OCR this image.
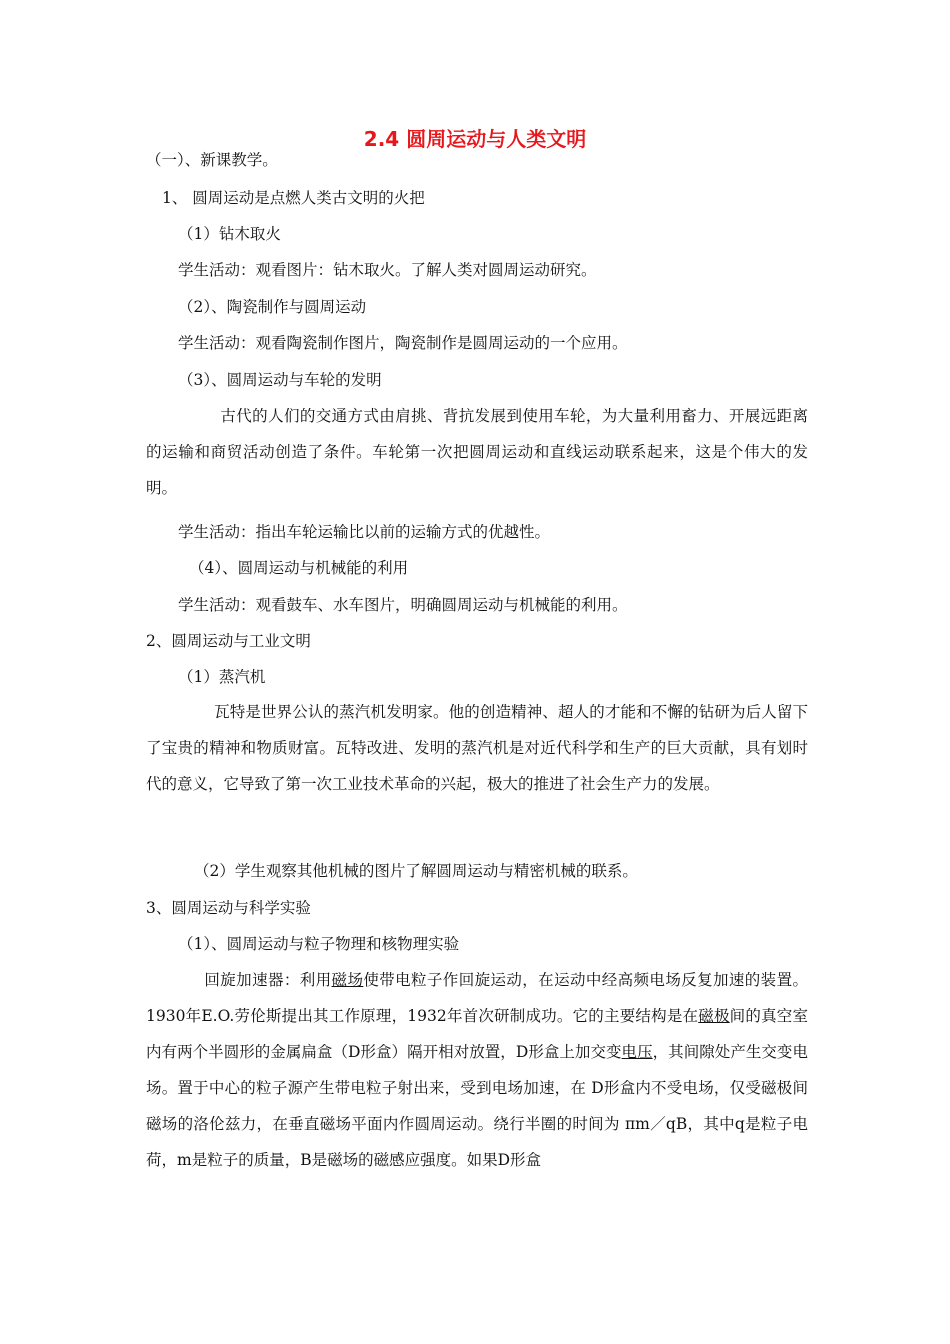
2.4 圆周运动与人类文明
（一）、新课教学。
1、 圆周运动是点燃人类古文明的火把
（1）钻木取火
学生活动：观看图片：钻木取火。了解人类对圆周运动研究。
（2）、陶瓷制作与圆周运动
学生活动：观看陶瓷制作图片，陶瓷制作是圆周运动的一个应用。
（3）、圆周运动与车轮的发明
古代的人们的交通方式由肩挑、背抗发展到使用车轮，为大量利用畜力、开展远距离的运输和商贸活动创造了条件。车轮第一次把圆周运动和直线运动联系起来，这是个伟大的发明。
学生活动：指出车轮运输比以前的运输方式的优越性。
（4）、圆周运动与机械能的利用
学生活动：观看鼓车、水车图片，明确圆周运动与机械能的利用。
2、圆周运动与工业文明
（1）蒸汽机
瓦特是世界公认的蒸汽机发明家。他的创造精神、超人的才能和不懈的钻研为后人留下了宝贵的精神和物质财富。瓦特改进、发明的蒸汽机是对近代科学和生产的巨大贡献，具有划时代的意义，它导致了第一次工业技术革命的兴起，极大的推进了社会生产力的发展。
（2）学生观察其他机械的图片了解圆周运动与精密机械的联系。
3、圆周运动与科学实验
（1）、圆周运动与粒子物理和核物理实验
回旋加速器：利用磁场使带电粒子作回旋运动，在运动中经高频电场反复加速的装置。1930年E.O.劳伦斯提出其工作原理，1932年首次研制成功。它的主要结构是在磁极间的真空室内有两个半圆形的金属扁盒（D形盒）隔开相对放置，D形盒上加交变电压，其间隙处产生交变电场。置于中心的粒子源产生带电粒子射出来，受到电场加速，在 D形盒内不受电场，仅受磁极间磁场的洛伦兹力，在垂直磁场平面内作圆周运动。绕行半圈的时间为 πm／qB，其中q是粒子电荷，m是粒子的质量，B是磁场的磁感应强度。如果D形盒
